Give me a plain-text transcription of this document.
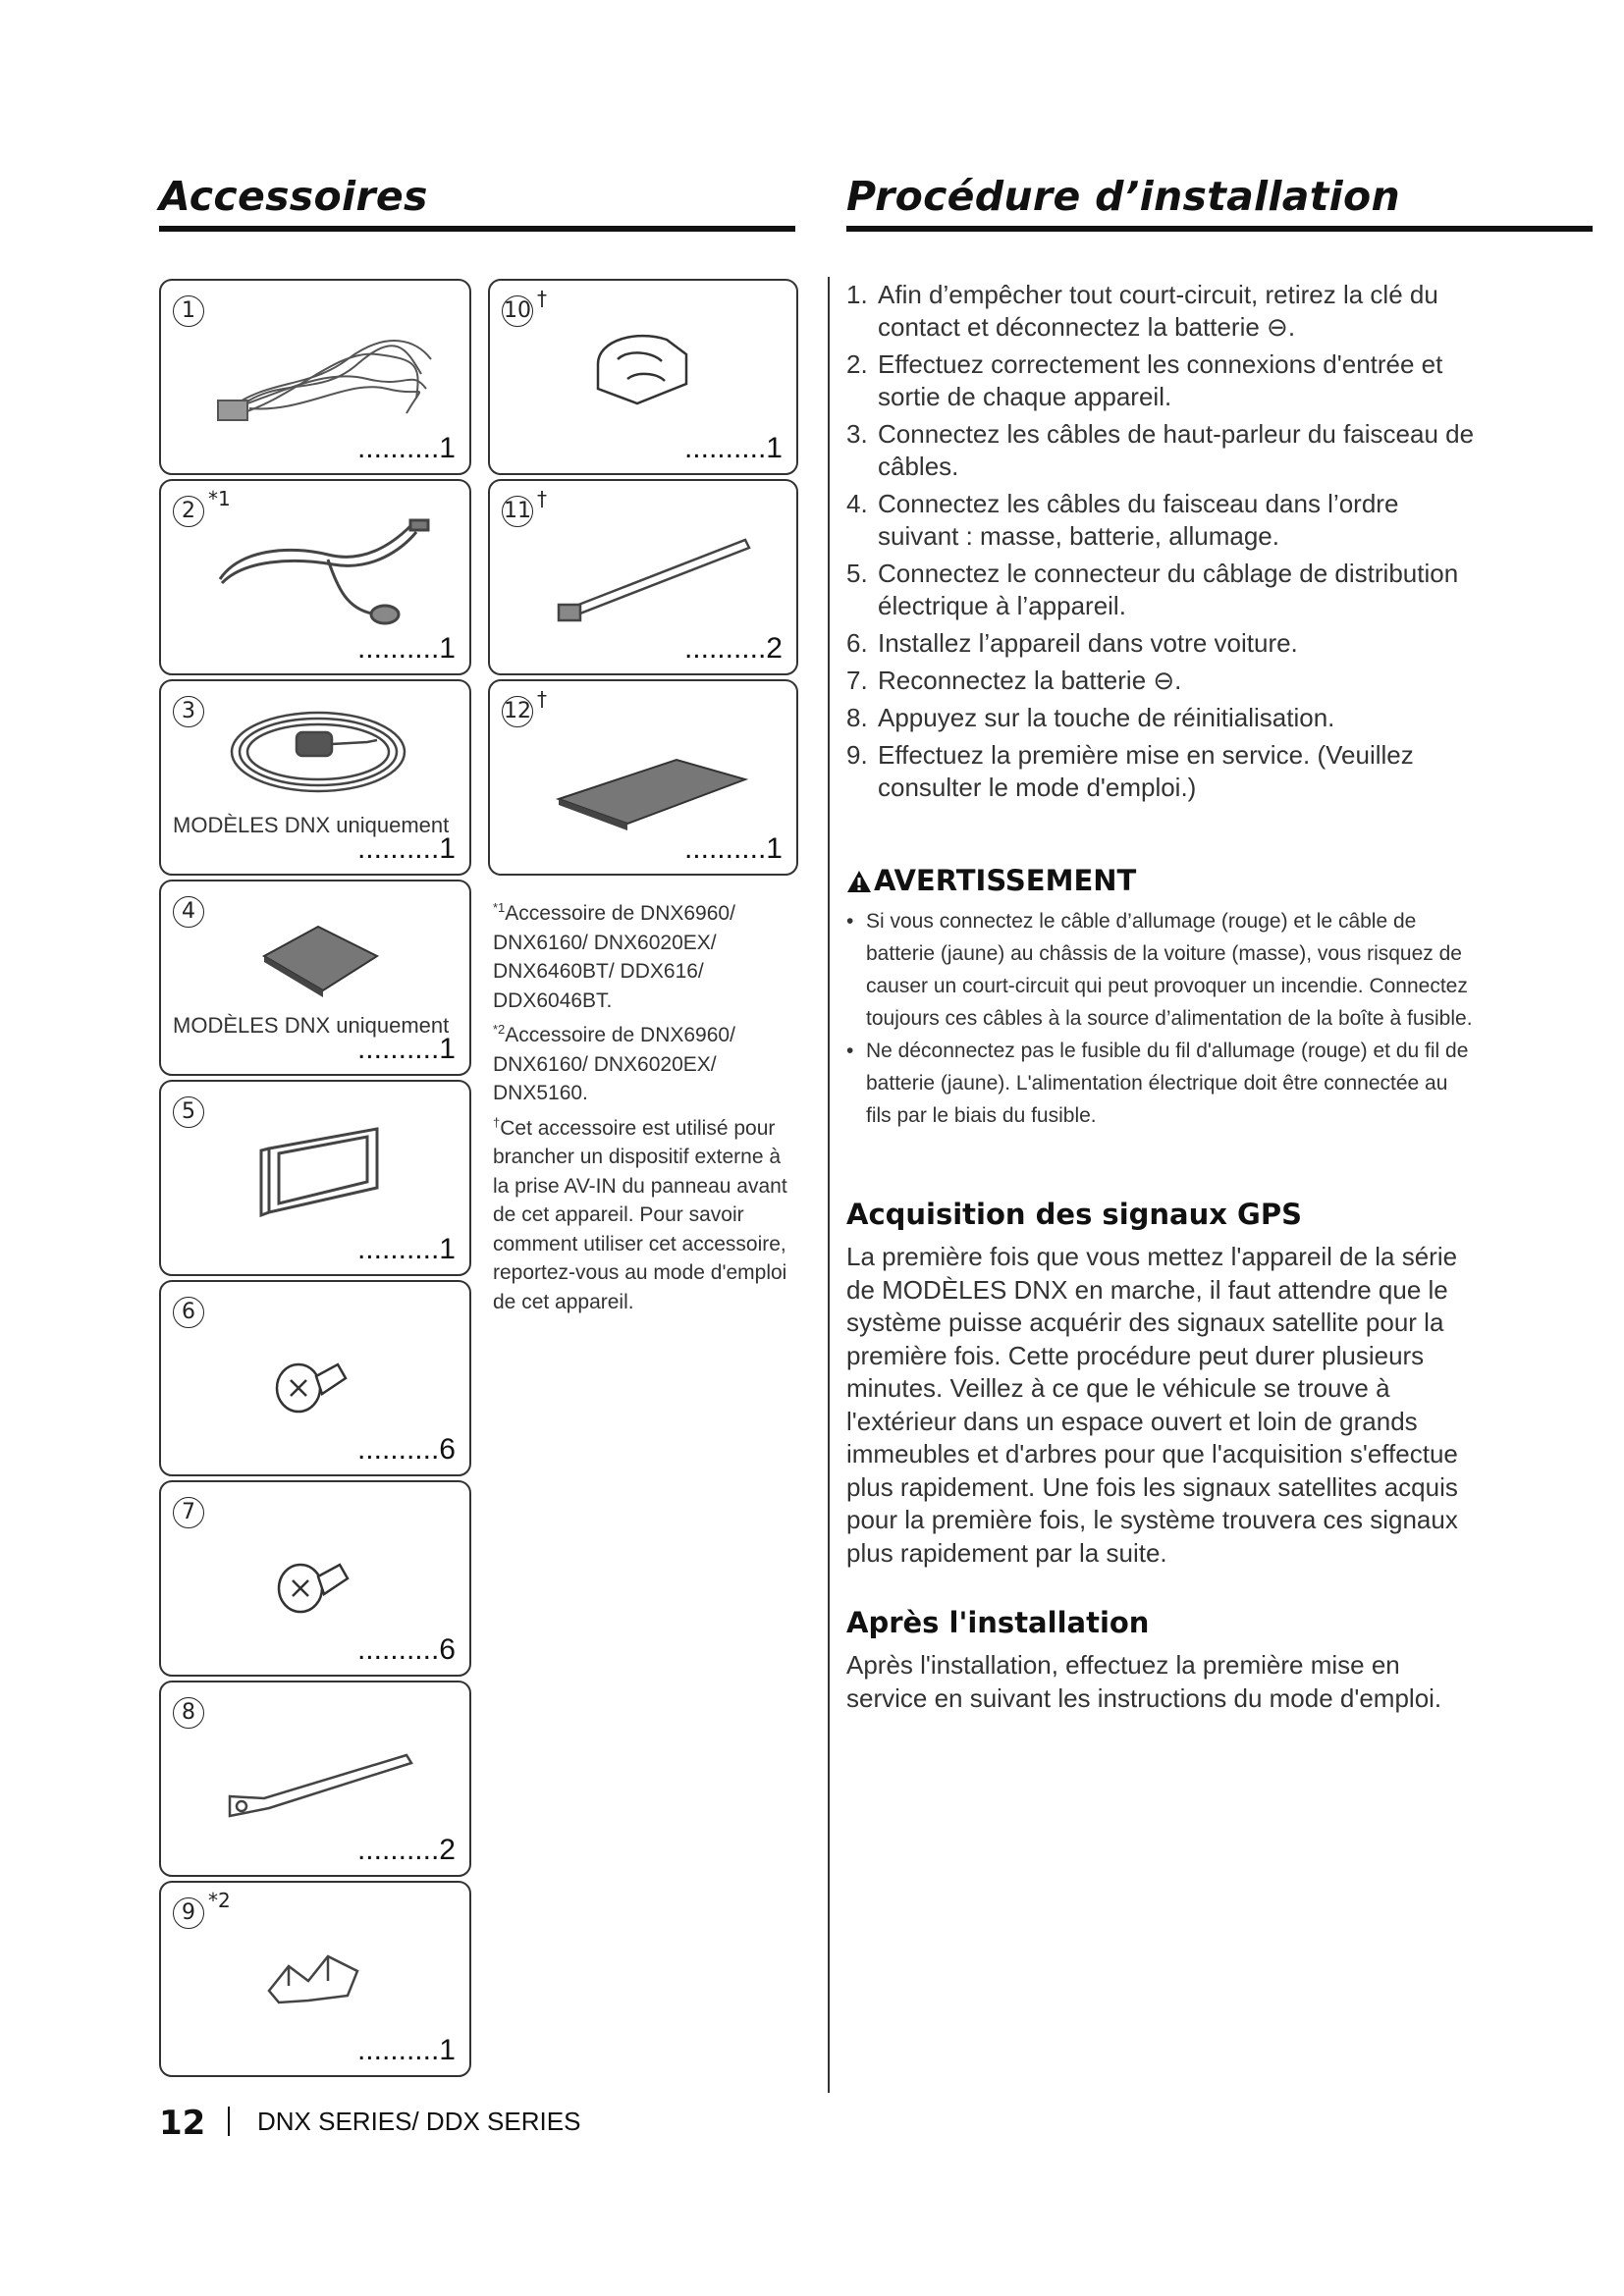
Accessoires	Procédure d’installation
1
..........1
2 $^{*1}$
..........1
3
MODÈLES DNX uniquement
..........1
4
MODÈLES DNX uniquement
..........1
5
..........1
6
..........6
7
..........6
8
..........2
9 $^{*2}$
..........1
10 †
..........1
11 †
..........2
12 †
..........1

$^{*1}$Accessoire de DNX6960/ DNX6160/ DNX6020EX/ DNX6460BT/ DDX616/ DDX6046BT.

$^{*2}$Accessoire de DNX6960/ DNX6160/ DNX6020EX/ DNX5160.

†Cet accessoire est utilisé pour brancher un dispositif externe à la prise AV-IN du panneau avant de cet appareil. Pour savoir comment utiliser cet accessoire, reportez-vous au mode d'emploi de cet appareil.

1. Afin d’empêcher tout court-circuit, retirez la clé du contact et déconnectez la batterie ⊖.
2. Effectuez correctement les connexions d'entrée et sortie de chaque appareil.
3. Connectez les câbles de haut-parleur du faisceau de câbles.
4. Connectez les câbles du faisceau dans l’ordre suivant : masse, batterie, allumage.
5. Connectez le connecteur du câblage de distribution électrique à l’appareil.
6. Installez l’appareil dans votre voiture.
7. Reconnectez la batterie ⊖.
8. Appuyez sur la touche de réinitialisation.
9. Effectuez la première mise en service. (Veuillez consulter le mode d'emploi.)
AVERTISSEMENT
• Si vous connectez le câble d’allumage (rouge) et le câble de batterie (jaune) au châssis de la voiture (masse), vous risquez de causer un court-circuit qui peut provoquer un incendie. Connectez toujours ces câbles à la source d’alimentation de la boîte à fusible.
• Ne déconnectez pas le fusible du fil d'allumage (rouge) et du fil de batterie (jaune). L'alimentation électrique doit être connectée au fils par le biais du fusible.
Acquisition des signaux GPS
La première fois que vous mettez l'appareil de la série de MODÈLES DNX en marche, il faut attendre que le système puisse acquérir des signaux satellite pour la première fois. Cette procédure peut durer plusieurs minutes. Veillez à ce que le véhicule se trouve à l'extérieur dans un espace ouvert et loin de grands immeubles et d'arbres pour que l'acquisition s'effectue plus rapidement. Une fois les signaux satellites acquis pour la première fois, le système trouvera ces signaux plus rapidement par la suite.
Après l'installation
Après l'installation, effectuez la première mise en service en suivant les instructions du mode d'emploi.
12 DNX SERIES/ DDX SERIES
